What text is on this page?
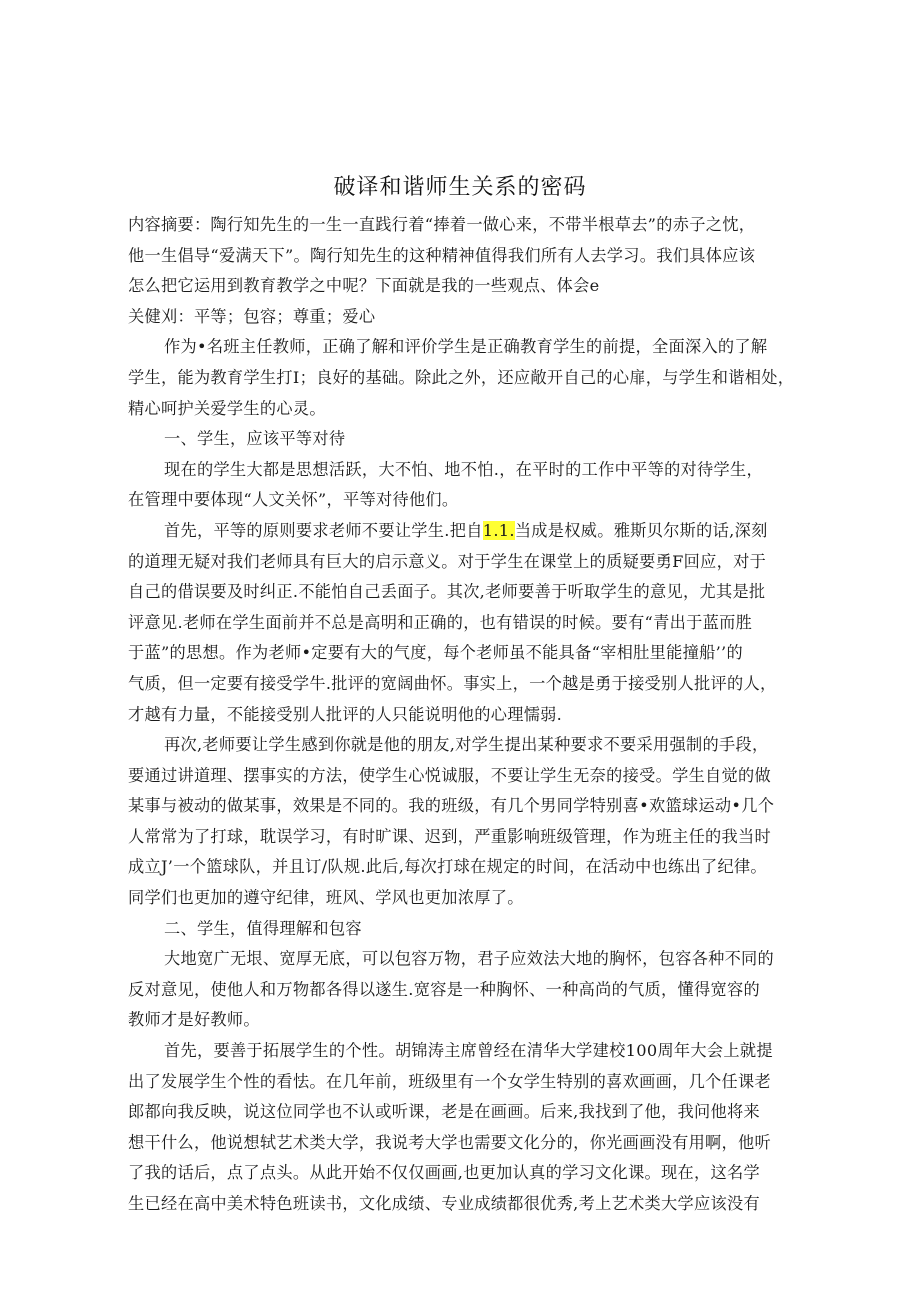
破译和谐师生关系的密码

内容摘要：陶行知先生的一生一直践行着“捧着一做心来，不带半根草去”的赤子之忱，

他一生倡导“爱满天下”。陶行知先生的这种精神值得我们所有人去学习。我们具体应该

怎么把它运用到教育教学之中呢？下面就是我的一些观点、体会e

关健刈：平等；包容；尊重；爱心

作为•名班主任教师，正确了解和评价学生是正确教育学生的前提，全面深入的了解

学生，能为教育学生打I；良好的基础。除此之外，还应敞开自己的心扉，与学生和谐相处，

精心呵护关爱学生的心灵。

一、学生，应该平等对待

现在的学生大都是思想活跃，大不怕、地不怕.，在平时的工作中平等的对待学生，

在管理中要体现“人文关怀”，平等对待他们。

首先，平等的原则要求老师不要让学生.把自1.1.当成是权威。雅斯贝尔斯的话,深刻

的道理无疑对我们老师具有巨大的启示意义。对于学生在课堂上的质疑要勇F回应，对于

自己的借误要及时纠正.不能怕自己丢面子。其次,老师要善于听取学生的意见，尤其是批

评意见.老师在学生面前并不总是高明和正确的，也有错误的时候。要有“青出于蓝而胜

于蓝”的思想。作为老师•定要有大的气度，每个老师虽不能具备“宰相肚里能撞船’’的

气质，但一定要有接受学牛.批评的宽阔曲怀。事实上，一个越是勇于接受别人批评的人，

才越有力量，不能接受别人批评的人只能说明他的心理懦弱.

再次,老师要让学生感到你就是他的朋友,对学生提出某种要求不要采用强制的手段，

要通过讲道理、摆事实的方法，使学生心悦诚服，不要让学生无奈的接受。学生自觉的做

某事与被动的做某事，效果是不同的。我的班级，有几个男同学特别喜•欢篮球运动•几个

人常常为了打球，耽误学习，有时旷课、迟到，严重影响班级管理，作为班主任的我当时

成立J’一个篮球队，并且订/队规.此后,每次打球在规定的时间，在活动中也练出了纪律。

同学们也更加的遵守纪律，班风、学风也更加浓厚了。

二、学生，值得理解和包容

大地宽广无垠、宽厚无底，可以包容万物，君子应效法大地的胸怀，包容各种不同的

反对意见，使他人和万物都各得以遂生.宽容是一种胸怀、一种高尚的气质，懂得宽容的

教师才是好教师。

首先，要善于拓展学生的个性。胡锦涛主席曾经在清华大学建校100周年大会上就提

出了发展学生个性的看怯。在几年前，班级里有一个女学生特别的喜欢画画，几个任课老

郎都向我反映，说这位同学也不认或听课，老是在画画。后来,我找到了他，我问他将来

想干什么，他说想轼艺术类大学，我说考大学也需要文化分的，你光画画没有用啊，他听

了我的话后，点了点头。从此开始不仅仅画画,也更加认真的学习文化课。现在，这名学

生已经在高中美术特色班读书，文化成绩、专业成绩都很优秀,考上艺术类大学应该没有
